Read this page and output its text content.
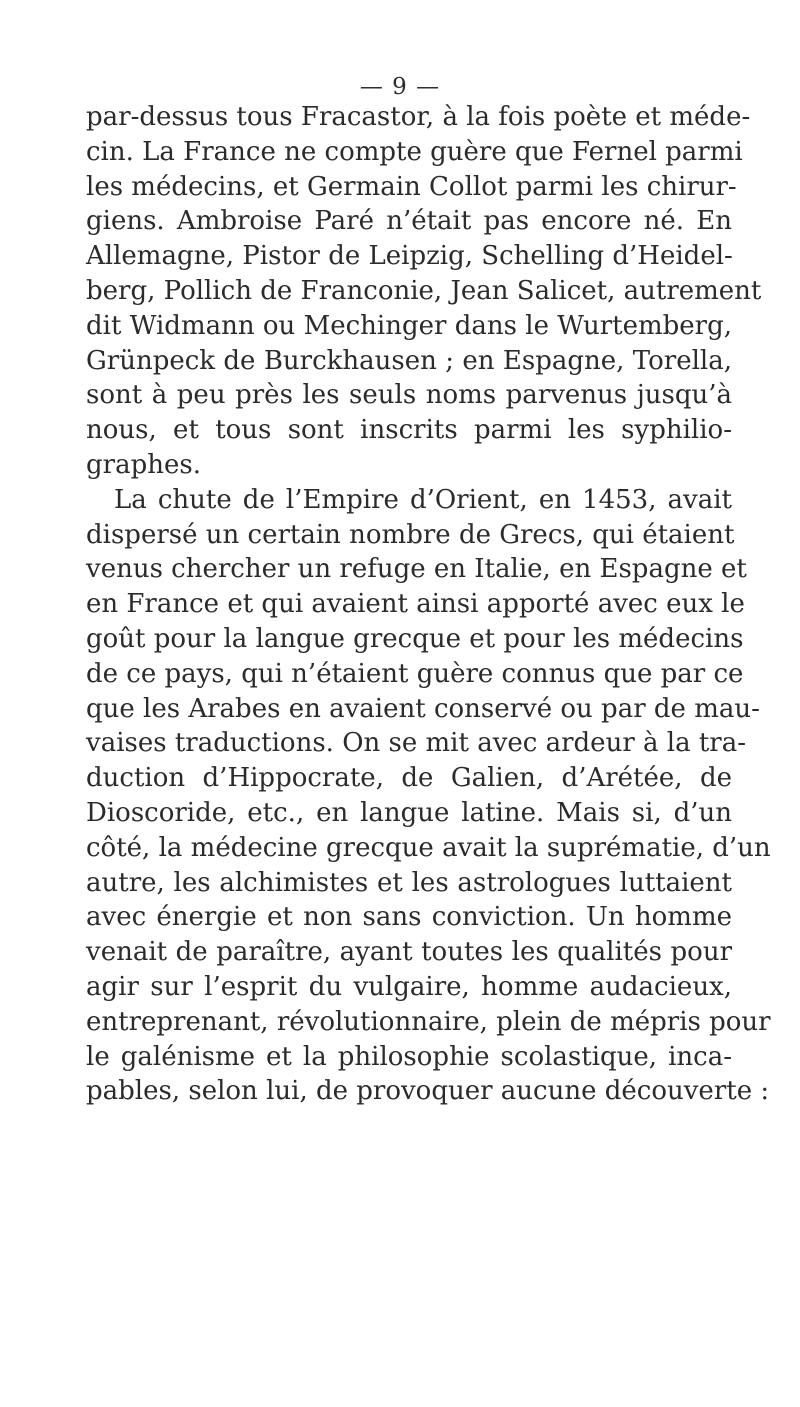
— 9 —
par-dessus tous Fracastor, à la fois poète et méde-
cin. La France ne compte guère que Fernel parmi
les médecins, et Germain Collot parmi les chirur-
giens. Ambroise Paré n’était pas encore né. En
Allemagne, Pistor de Leipzig, Schelling d’Heidel-
berg, Pollich de Franconie, Jean Salicet, autrement
dit Widmann ou Mechinger dans le Wurtemberg,
Grünpeck de Burckhausen ; en Espagne, Torella,
sont à peu près les seuls noms parvenus jusqu’à
nous, et tous sont inscrits parmi les syphilio-
graphes.
La chute de l’Empire d’Orient, en 1453, avait
dispersé un certain nombre de Grecs, qui étaient
venus chercher un refuge en Italie, en Espagne et
en France et qui avaient ainsi apporté avec eux le
goût pour la langue grecque et pour les médecins
de ce pays, qui n’étaient guère connus que par ce
que les Arabes en avaient conservé ou par de mau-
vaises traductions. On se mit avec ardeur à la tra-
duction d’Hippocrate, de Galien, d’Arétée, de
Dioscoride, etc., en langue latine. Mais si, d’un
côté, la médecine grecque avait la suprématie, d’un
autre, les alchimistes et les astrologues luttaient
avec énergie et non sans conviction. Un homme
venait de paraître, ayant toutes les qualités pour
agir sur l’esprit du vulgaire, homme audacieux,
entreprenant, révolutionnaire, plein de mépris pour
le galénisme et la philosophie scolastique, inca-
pables, selon lui, de provoquer aucune découverte :
